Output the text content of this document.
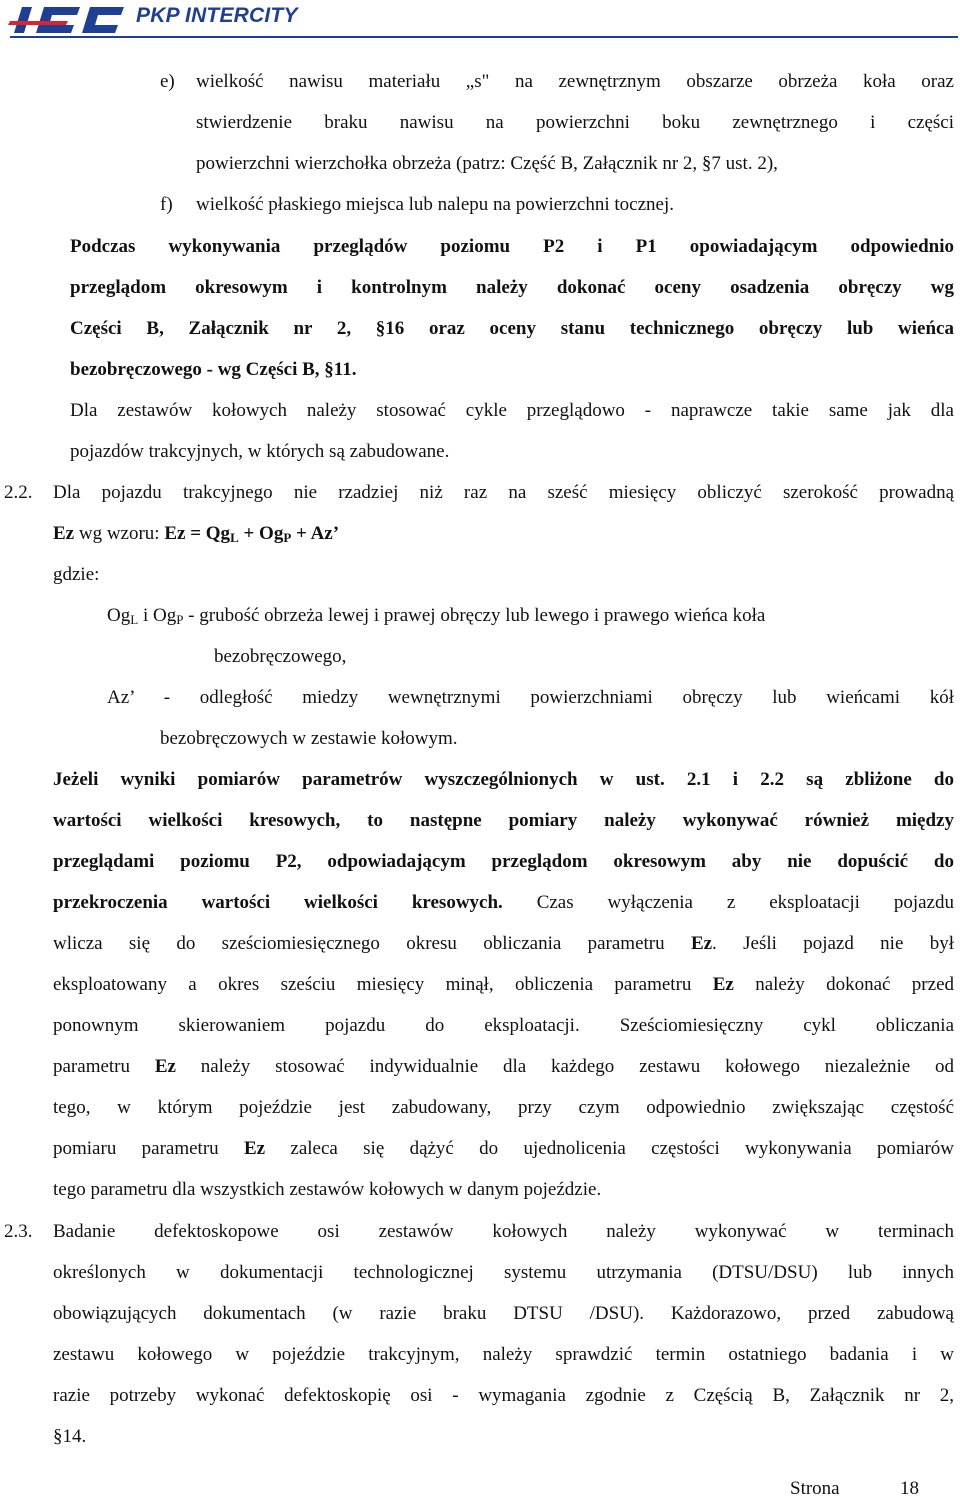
PKP INTERCITY
e) wielkość nawisu materiału „s" na zewnętrznym obszarze obrzeża koła oraz
stwierdzenie braku nawisu na powierzchni boku zewnętrznego i części
powierzchni wierzchołka obrzeża (patrz: Część B, Załącznik nr 2, §7 ust. 2),
f) wielkość płaskiego miejsca lub nalepu na powierzchni tocznej.
Podczas wykonywania przeglądów poziomu P2 i P1 opowiadającym odpowiednio
przeglądom okresowym i kontrolnym należy dokonać oceny osadzenia obręczy wg
Części B, Załącznik nr 2, §16 oraz oceny stanu technicznego obręczy lub wieńca
bezobręczowego - wg Części B, §11.
Dla zestawów kołowych należy stosować cykle przeglądowo - naprawcze takie same jak dla
pojazdów trakcyjnych, w których są zabudowane.
2.2. Dla pojazdu trakcyjnego nie rzadziej niż raz na sześć miesięcy obliczyć szerokość prowadną
Ez wg wzoru: $Ez = Qg_L + Og_P + Az$’
gdzie:
$Og_L$ i $Og_P$ - grubość obrzeża lewej i prawej obręczy lub lewego i prawego wieńca koła
bezobręczowego,
Az’ - odległość miedzy wewnętrznymi powierzchniami obręczy lub wieńcami kół
bezobręczowych w zestawie kołowym.
Jeżeli wyniki pomiarów parametrów wyszczególnionych w ust. 2.1 i 2.2 są zbliżone do
wartości wielkości kresowych, to następne pomiary należy wykonywać również między
przeglądami poziomu P2, odpowiadającym przeglądom okresowym aby nie dopuścić do
przekroczenia wartości wielkości kresowych. Czas wyłączenia z eksploatacji pojazdu
wlicza się do sześciomiesięcznego okresu obliczania parametru Ez. Jeśli pojazd nie był
eksploatowany a okres sześciu miesięcy minął, obliczenia parametru Ez należy dokonać przed
ponownym skierowaniem pojazdu do eksploatacji. Sześciomiesięczny cykl obliczania
parametru Ez należy stosować indywidualnie dla każdego zestawu kołowego niezależnie od
tego, w którym pojeździe jest zabudowany, przy czym odpowiednio zwiększając częstość
pomiaru parametru Ez zaleca się dążyć do ujednolicenia częstości wykonywania pomiarów
tego parametru dla wszystkich zestawów kołowych w danym pojeździe.
2.3. Badanie defektoskopowe osi zestawów kołowych należy wykonywać w terminach
określonych w dokumentacji technologicznej systemu utrzymania (DTSU/DSU) lub innych
obowiązujących dokumentach (w razie braku DTSU /DSU). Każdorazowo, przed zabudową
zestawu kołowego w pojeździe trakcyjnym, należy sprawdzić termin ostatniego badania i w
razie potrzeby wykonać defektoskopię osi - wymagania zgodnie z Częścią B, Załącznik nr 2,
§14.
Strona	18
